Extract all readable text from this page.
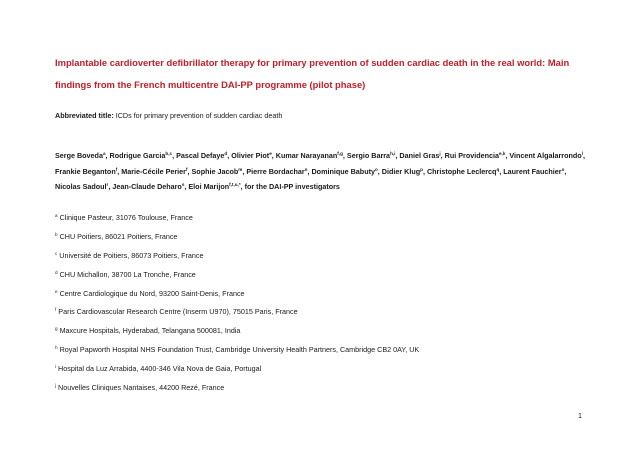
Implantable cardioverter defibrillator therapy for primary prevention of sudden cardiac death in the real world: Main findings from the French multicentre DAI-PP programme (pilot phase)
Abbreviated title: ICDs for primary prevention of sudden cardiac death
Serge Boveda$^a$, Rodrigue Garcia$^{b,c}$, Pascal Defaye$^d$, Olivier Piot$^e$, Kumar Narayanan$^{f,g}$, Sergio Barra$^{h,i}$, Daniel Gras$^j$, Rui Providencia$^{e,k}$, Vincent Algalarrondo$^l$, Frankie Beganton$^f$, Marie-Cécile Perier$^f$, Sophie Jacob$^m$, Pierre Bordachar$^n$, Dominique Babuty$^o$, Didier Klug$^p$, Christophe Leclercq$^q$, Laurent Fauchier$^o$, Nicolas Sadoul$^r$, Jean-Claude Deharo$^s$, Eloi Marijon$^{f,t,u,*}$, for the DAI-PP investigators
$^a$ Clinique Pasteur, 31076 Toulouse, France
$^b$ CHU Poitiers, 86021 Poitiers, France
$^c$ Université de Poitiers, 86073 Poitiers, France
$^d$ CHU Michallon, 38700 La Tronche, France
$^e$ Centre Cardiologique du Nord, 93200 Saint-Denis, France
$^f$ Paris Cardiovascular Research Centre (Inserm U970), 75015 Paris, France
$^g$ Maxcure Hospitals, Hyderabad, Telangana 500081, India
$^h$ Royal Papworth Hospital NHS Foundation Trust, Cambridge University Health Partners, Cambridge CB2 0AY, UK
$^i$ Hospital da Luz Arrabida, 4400-346 Vila Nova de Gaia, Portugal
$^j$ Nouvelles Cliniques Nantaises, 44200 Rezé, France
1
